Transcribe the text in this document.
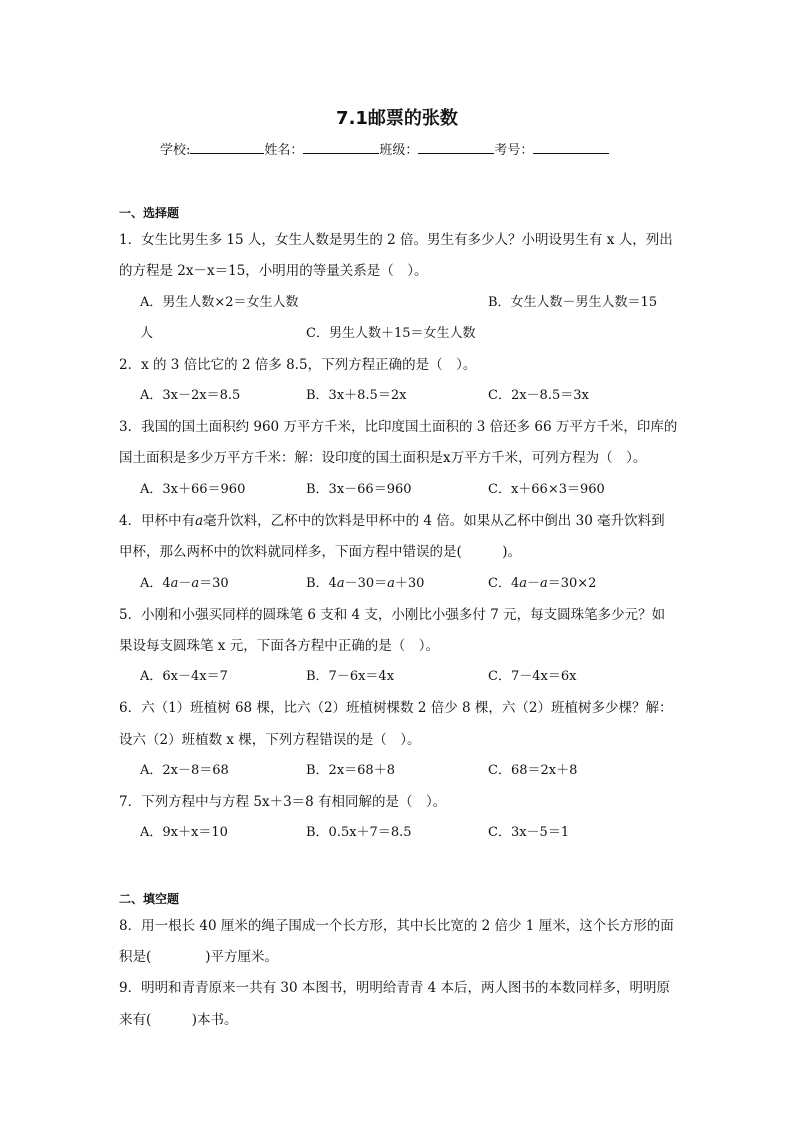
7.1邮票的张数
学校:	姓名：	班级：	考号：
一、选择题
1．女生比男生多 15 人，女生人数是男生的 2 倍。男生有多少人？小明设男生有 x 人，列出
的方程是 2x－x＝15，小明用的等量关系是（　）。
A．男生人数×2＝女生人数	B．女生人数－男生人数＝15
人	C．男生人数＋15＝女生人数
2．x 的 3 倍比它的 2 倍多 8.5，下列方程正确的是（　）。
A．3x－2x＝8.5	B．3x＋8.5＝2x	C．2x－8.5＝3x
3．我国的国土面积约 960 万平方千米，比印度国土面积的 3 倍还多 66 万平方千米，印库的
国土面积是多少万平方千米：解：设印度的国土面积是x万平方千米，可列方程为（　）。
A．3x＋66＝960	B．3x－66＝960	C．x＋66×3＝960
4．甲杯中有𝑎毫升饮料，乙杯中的饮料是甲杯中的 4 倍。如果从乙杯中倒出 30 毫升饮料到
甲杯，那么两杯中的饮料就同样多，下面方程中错误的是(　　　)。
A．4𝑎－𝑎＝30	B．4𝑎－30＝𝑎＋30	C．4𝑎－𝑎＝30×2
5．小刚和小强买同样的圆珠笔 6 支和 4 支，小刚比小强多付 7 元，每支圆珠笔多少元？如
果设每支圆珠笔 x 元，下面各方程中正确的是（　）。
A．6x－4x＝7	B．7－6x＝4x	C．7－4x＝6x
6．六（1）班植树 68 棵，比六（2）班植树棵数 2 倍少 8 棵，六（2）班植树多少棵？解：
设六（2）班植数 x 棵，下列方程错误的是（　）。
A．2x－8＝68	B．2x＝68＋8	C．68＝2x＋8
7．下列方程中与方程 5x＋3＝8 有相同解的是（　）。
A．9x＋x＝10	B．0.5x＋7＝8.5	C．3x－5＝1
二、填空题
8．用一根长 40 厘米的绳子围成一个长方形，其中长比宽的 2 倍少 1 厘米，这个长方形的面
积是(　　　　)平方厘米。
9．明明和青青原来一共有 30 本图书，明明给青青 4 本后，两人图书的本数同样多，明明原
来有(　　　)本书。
